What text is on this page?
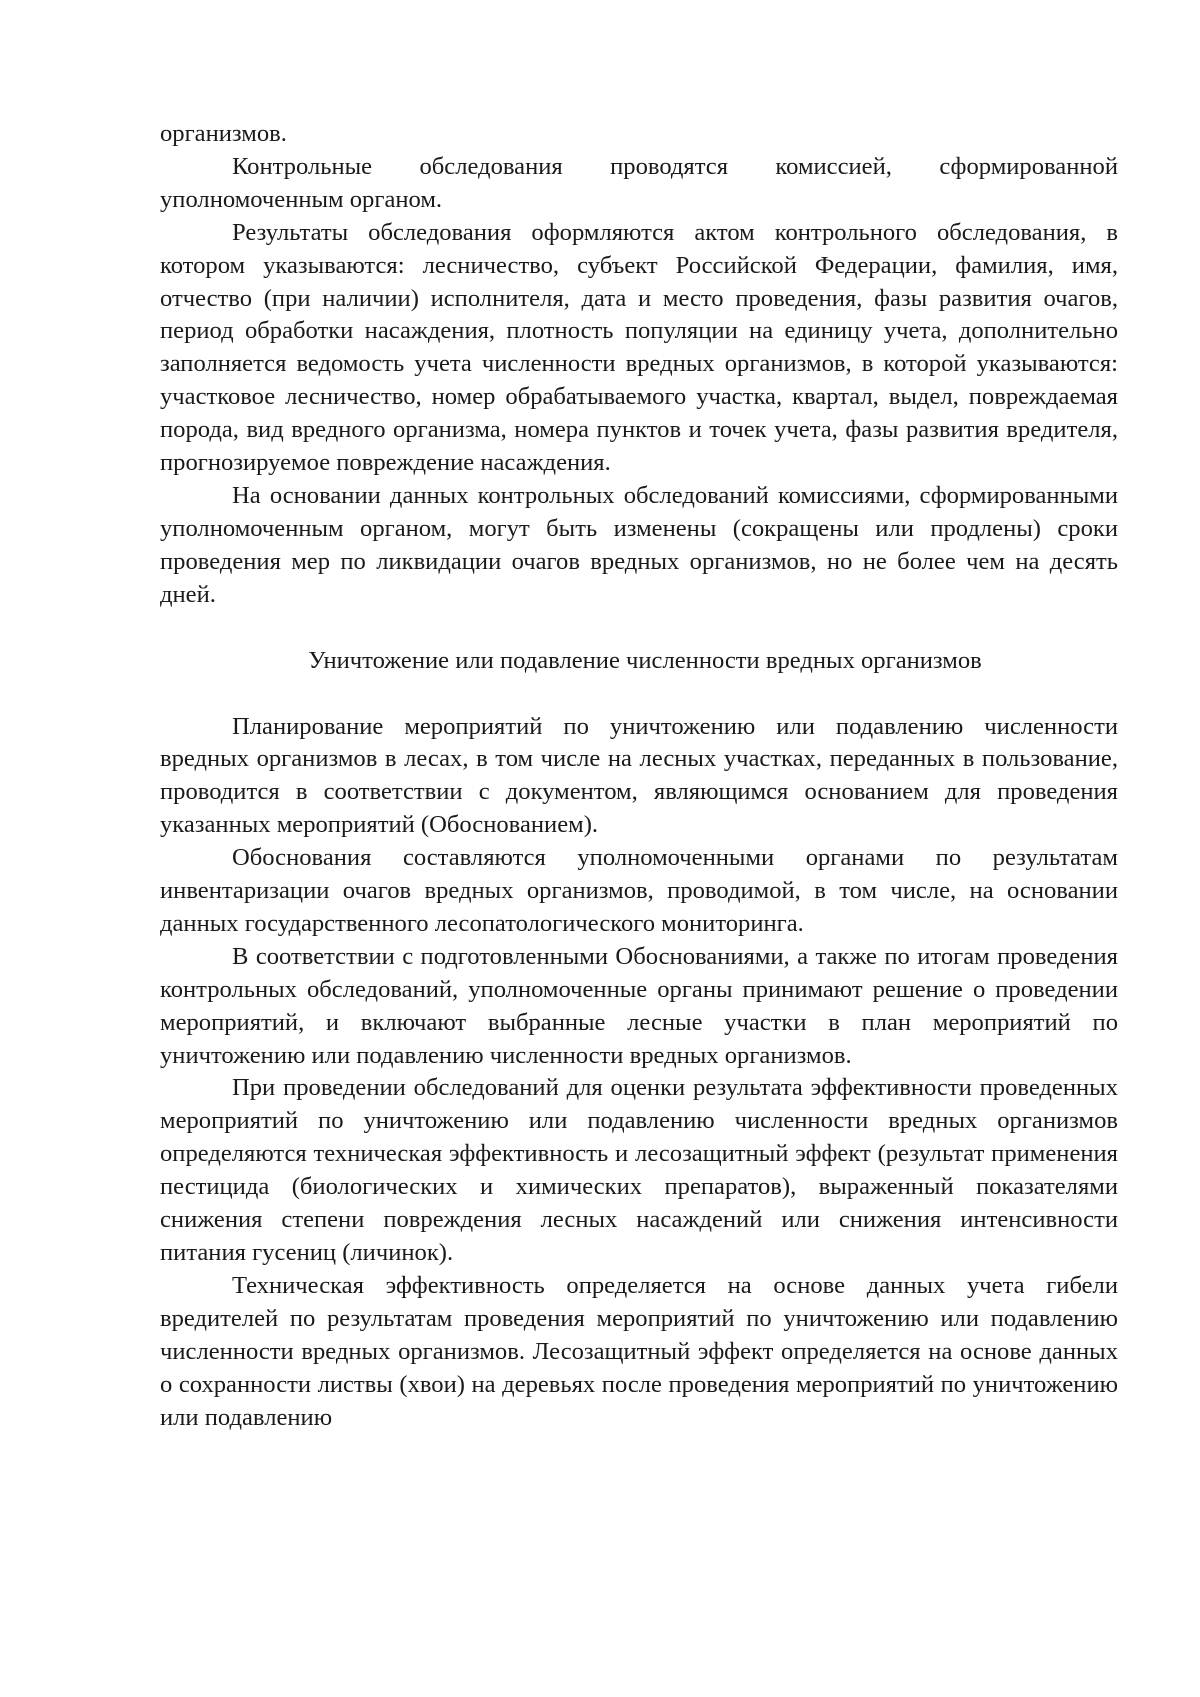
организмов.

Контрольные обследования проводятся комиссией, сформированной уполномоченным органом.

Результаты обследования оформляются актом контрольного обследования, в котором указываются: лесничество, субъект Российской Федерации, фамилия, имя, отчество (при наличии) исполнителя, дата и место проведения, фазы развития очагов, период обработки насаждения, плотность популяции на единицу учета, дополнительно заполняется ведомость учета численности вредных организмов, в которой указываются: участковое лесничество, номер обрабатываемого участка, квартал, выдел, повреждаемая порода, вид вредного организма, номера пунктов и точек учета, фазы развития вредителя, прогнозируемое повреждение насаждения.

На основании данных контрольных обследований комиссиями, сформированными уполномоченным органом, могут быть изменены (сокращены или продлены) сроки проведения мер по ликвидации очагов вредных организмов, но не более чем на десять дней.

Уничтожение или подавление численности вредных организмов

Планирование мероприятий по уничтожению или подавлению численности вредных организмов в лесах, в том числе на лесных участках, переданных в пользование, проводится в соответствии с документом, являющимся основанием для проведения указанных мероприятий (Обоснованием).

Обоснования составляются уполномоченными органами по результатам инвентаризации очагов вредных организмов, проводимой, в том числе, на основании данных государственного лесопатологического мониторинга.

В соответствии с подготовленными Обоснованиями, а также по итогам проведения контрольных обследований, уполномоченные органы принимают решение о проведении мероприятий, и включают выбранные лесные участки в план мероприятий по уничтожению или подавлению численности вредных организмов.

При проведении обследований для оценки результата эффективности проведенных мероприятий по уничтожению или подавлению численности вредных организмов определяются техническая эффективность и лесозащитный эффект (результат применения пестицида (биологических и химических препаратов), выраженный показателями снижения степени повреждения лесных насаждений или снижения интенсивности питания гусениц (личинок).

Техническая эффективность определяется на основе данных учета гибели вредителей по результатам проведения мероприятий по уничтожению или подавлению численности вредных организмов. Лесозащитный эффект определяется на основе данных о сохранности листвы (хвои) на деревьях после проведения мероприятий по уничтожению или подавлению
